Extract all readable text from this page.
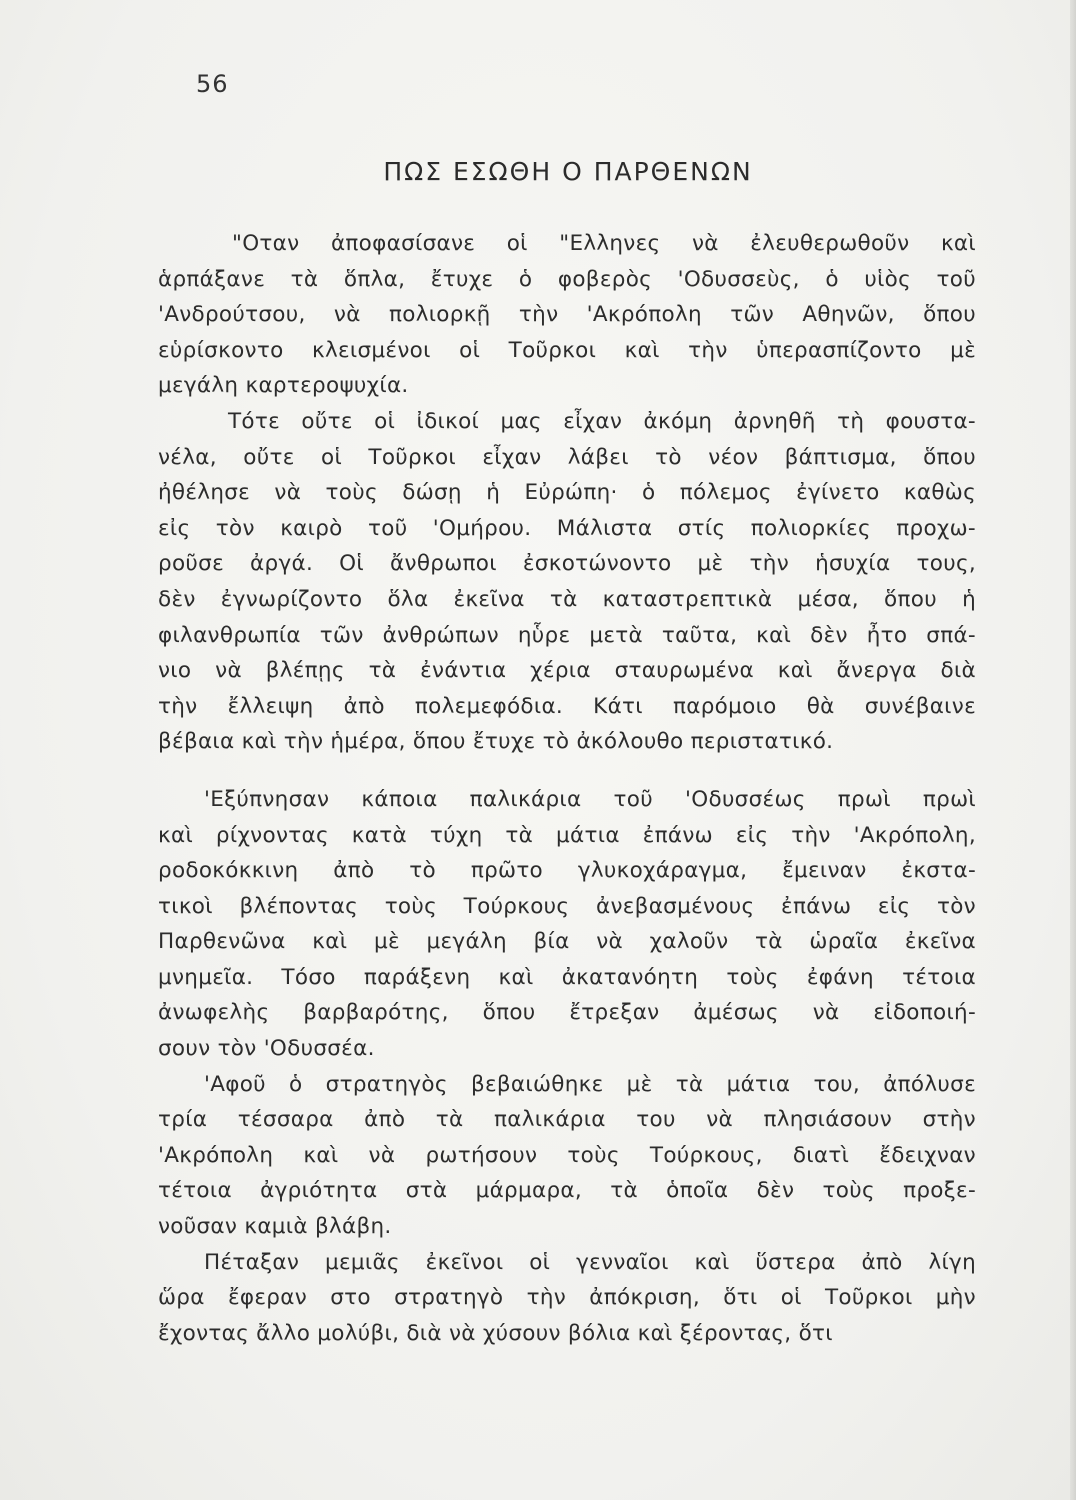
56
ΠΩΣ ΕΣΩΘΗ Ο ΠΑΡΘΕΝΩΝ
"Οταν ἀποφασίσανε οἱ "Ελληνες νὰ ἐλευθερωθοῦν καὶ
ἁρπάξανε τὰ ὅπλα, ἔτυχε ὁ φοβερὸς 'Οδυσσεὺς, ὁ υἱὸς τοῦ
'Ανδρούτσου, νὰ πολιορκῇ τὴν 'Ακρόπολη τῶν Αθηνῶν, ὅπου
εὑρίσκοντο κλεισμένοι οἱ Τοῦρκοι καὶ τὴν ὑπερασπίζοντο μὲ
μεγάλη καρτεροψυχία.
Τότε οὔτε οἱ ἰδικοί μας εἶχαν ἀκόμη ἀρνηθῆ τὴ φουστα-
νέλα, οὔτε οἱ Τοῦρκοι εἶχαν λάβει τὸ νέον βάπτισμα, ὅπου
ἠθέλησε νὰ τοὺς δώσῃ ἡ Εὐρώπη· ὁ πόλεμος ἐγίνετο καθὼς
εἰς τὸν καιρὸ τοῦ 'Ομήρου. Μάλιστα στίς πολιορκίες προχω-
ροῦσε ἀργά. Οἱ ἄνθρωποι ἐσκοτώνοντο μὲ τὴν ἡσυχία τους,
δὲν ἐγνωρίζοντο ὅλα ἐκεῖνα τὰ καταστρεπτικὰ μέσα, ὅπου ἡ
φιλανθρωπία τῶν ἀνθρώπων ηὗρε μετὰ ταῦτα, καὶ δὲν ἦτο σπά-
νιο νὰ βλέπῃς τὰ ἐνάντια χέρια σταυρωμένα καὶ ἄνεργα διὰ
τὴν ἔλλειψη ἀπὸ πολεμεφόδια. Κάτι παρόμοιο θὰ συνέβαινε
βέβαια καὶ τὴν ἡμέρα, ὅπου ἔτυχε τὸ ἀκόλουθο περιστατικό.
'Εξύπνησαν κάποια παλικάρια τοῦ 'Οδυσσέως πρωὶ πρωὶ
καὶ ρίχνοντας κατὰ τύχη τὰ μάτια ἐπάνω εἰς τὴν 'Ακρόπολη,
ροδοκόκκινη ἀπὸ τὸ πρῶτο γλυκοχάραγμα, ἔμειναν ἐκστα-
τικοὶ βλέποντας τοὺς Τούρκους ἀνεβασμένους ἐπάνω εἰς τὸν
Παρθενῶνα καὶ μὲ μεγάλη βία νὰ χαλοῦν τὰ ὡραῖα ἐκεῖνα
μνημεῖα. Τόσο παράξενη καὶ ἀκατανόητη τοὺς ἐφάνη τέτοια
ἀνωφελὴς βαρβαρότης, ὅπου ἔτρεξαν ἀμέσως νὰ εἰδοποιή-
σουν τὸν 'Οδυσσέα.
'Αφοῦ ὁ στρατηγὸς βεβαιώθηκε μὲ τὰ μάτια του, ἀπόλυσε
τρία τέσσαρα ἀπὸ τὰ παλικάρια του νὰ πλησιάσουν στὴν
'Ακρόπολη καὶ νὰ ρωτήσουν τοὺς Τούρκους, διατὶ ἔδειχναν
τέτοια ἀγριότητα στὰ μάρμαρα, τὰ ὁποῖα δὲν τοὺς προξε-
νοῦσαν καμιὰ βλάβη.
Πέταξαν μεμιᾶς ἐκεῖνοι οἱ γενναῖοι καὶ ὕστερα ἀπὸ λίγη
ὥρα ἔφεραν στο στρατηγὸ τὴν ἀπόκριση, ὅτι οἱ Τοῦρκοι μὴν
ἔχοντας ἄλλο μολύβι, διὰ νὰ χύσουν βόλια καὶ ξέροντας, ὅτι
